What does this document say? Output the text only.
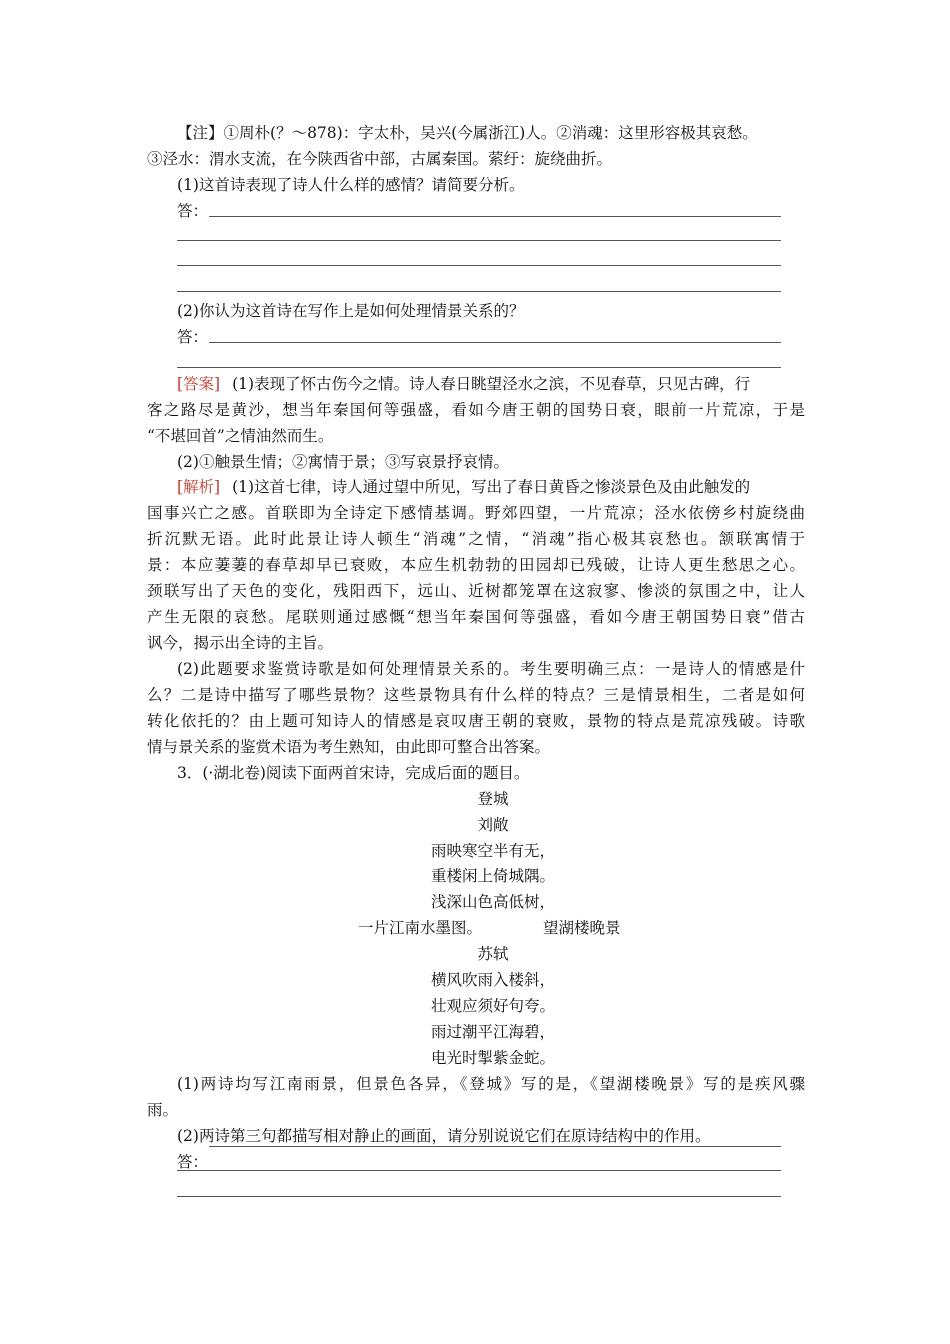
【注】①周朴(？～878)：字太朴，吴兴(今属浙江)人。②消魂：这里形容极其哀愁。
③泾水：渭水支流，在今陕西省中部，古属秦国。萦纡：旋绕曲折。
(1)这首诗表现了诗人什么样的感情？请简要分析。
答：
(2)你认为这首诗在写作上是如何处理情景关系的？
答：
[答案] (1)表现了怀古伤今之情。诗人春日眺望泾水之滨，不见春草，只见古碑，行
客之路尽是黄沙，想当年秦国何等强盛，看如今唐王朝的国势日衰，眼前一片荒凉，于是
“不堪回首”之情油然而生。
(2)①触景生情；②寓情于景；③写哀景抒哀情。
[解析] (1)这首七律，诗人通过望中所见，写出了春日黄昏之惨淡景色及由此触发的
国事兴亡之感。首联即为全诗定下感情基调。野郊四望，一片荒凉；泾水依傍乡村旋绕曲
折沉默无语。此时此景让诗人顿生“消魂”之情，“消魂”指心极其哀愁也。颔联寓情于
景：本应萋萋的春草却早已衰败，本应生机勃勃的田园却已残破，让诗人更生愁思之心。
颈联写出了天色的变化，残阳西下，远山、近树都笼罩在这寂寥、惨淡的氛围之中，让人
产生无限的哀愁。尾联则通过感慨“想当年秦国何等强盛，看如今唐王朝国势日衰”借古
讽今，揭示出全诗的主旨。
(2)此题要求鉴赏诗歌是如何处理情景关系的。考生要明确三点：一是诗人的情感是什
么？二是诗中描写了哪些景物？这些景物具有什么样的特点？三是情景相生，二者是如何
转化依托的？由上题可知诗人的情感是哀叹唐王朝的衰败，景物的特点是荒凉残破。诗歌
情与景关系的鉴赏术语为考生熟知，由此即可整合出答案。
3．(·湖北卷)阅读下面两首宋诗，完成后面的题目。
登城
刘敞
雨映寒空半有无，
重楼闲上倚城隅。
浅深山色高低树，
一片江南水墨图。	望湖楼晚景
苏轼
横风吹雨入楼斜，
壮观应须好句夸。
雨过潮平江海碧，
电光时掣紫金蛇。
(1)两诗均写江南雨景，但景色各异，《登城》写的是，《望湖楼晚景》写的是疾风骤
雨。
(2)两诗第三句都描写相对静止的画面，请分别说说它们在原诗结构中的作用。
答：
